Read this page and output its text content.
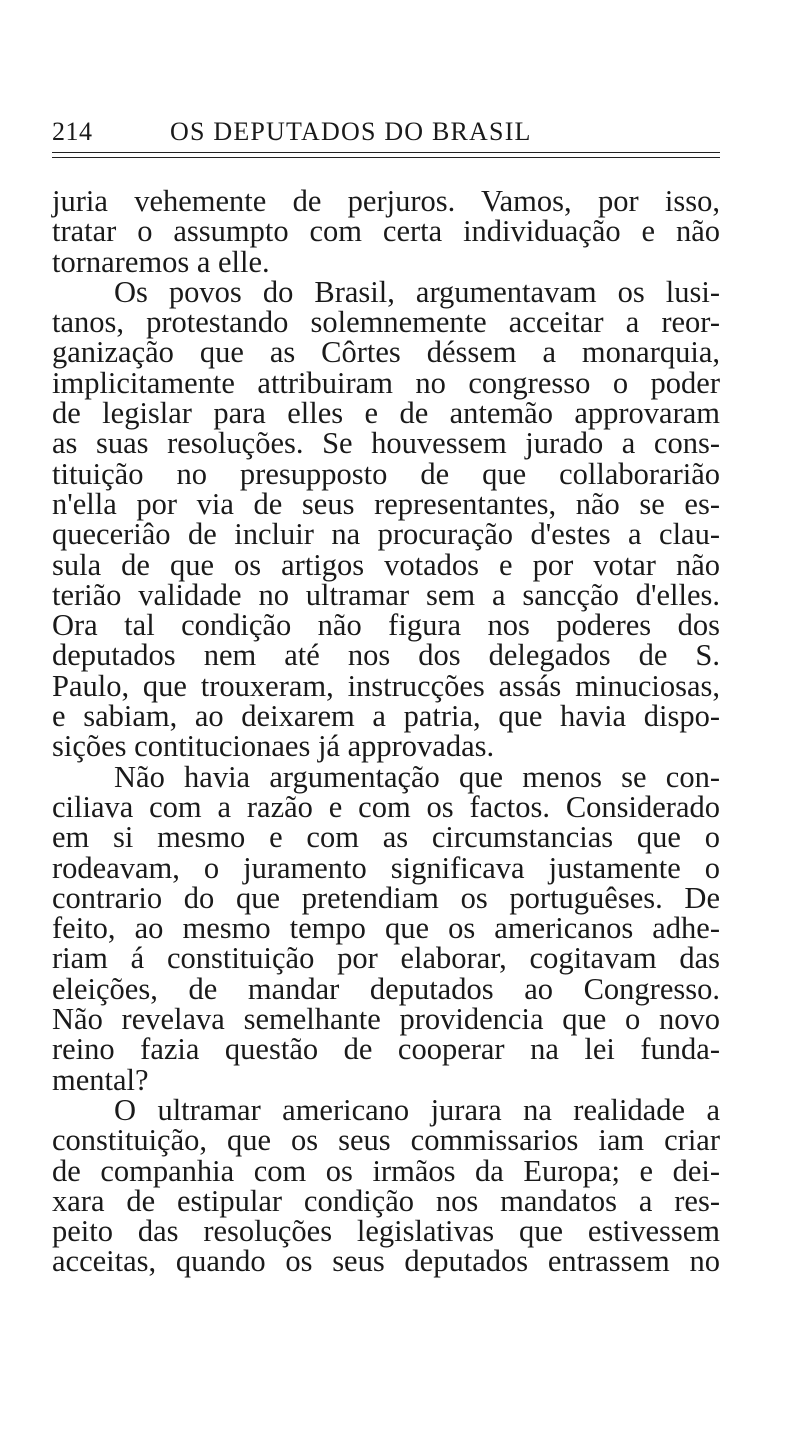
214	OS DEPUTADOS DO BRASIL
juria vehemente de perjuros. Vamos, por isso,
tratar o assumpto com certa individuação e não
tornaremos a elle.
Os povos do Brasil, argumentavam os lusi-
tanos, protestando solemnemente acceitar a reor-
ganização que as Côrtes déssem a monarquia,
implicitamente attribuiram no congresso o poder
de legislar para elles e de antemão approvaram
as suas resoluções. Se houvessem jurado a cons-
tituição no presupposto de que collaborarião
n'ella por via de seus representantes, não se es-
queceriâo de incluir na procuração d'estes a clau-
sula de que os artigos votados e por votar não
terião validade no ultramar sem a sancção d'elles.
Ora tal condição não figura nos poderes dos
deputados nem até nos dos delegados de S.
Paulo, que trouxeram, instrucções assás minuciosas,
e sabiam, ao deixarem a patria, que havia dispo-
sições contitucionaes já approvadas.
Não havia argumentação que menos se con-
ciliava com a razão e com os factos. Considerado
em si mesmo e com as circumstancias que o
rodeavam, o juramento significava justamente o
contrario do que pretendiam os portuguêses. De
feito, ao mesmo tempo que os americanos adhe-
riam á constituição por elaborar, cogitavam das
eleições, de mandar deputados ao Congresso.
Não revelava semelhante providencia que o novo
reino fazia questão de cooperar na lei funda-
mental?
O ultramar americano jurara na realidade a
constituição, que os seus commissarios iam criar
de companhia com os irmãos da Europa; e dei-
xara de estipular condição nos mandatos a res-
peito das resoluções legislativas que estivessem
acceitas, quando os seus deputados entrassem no
